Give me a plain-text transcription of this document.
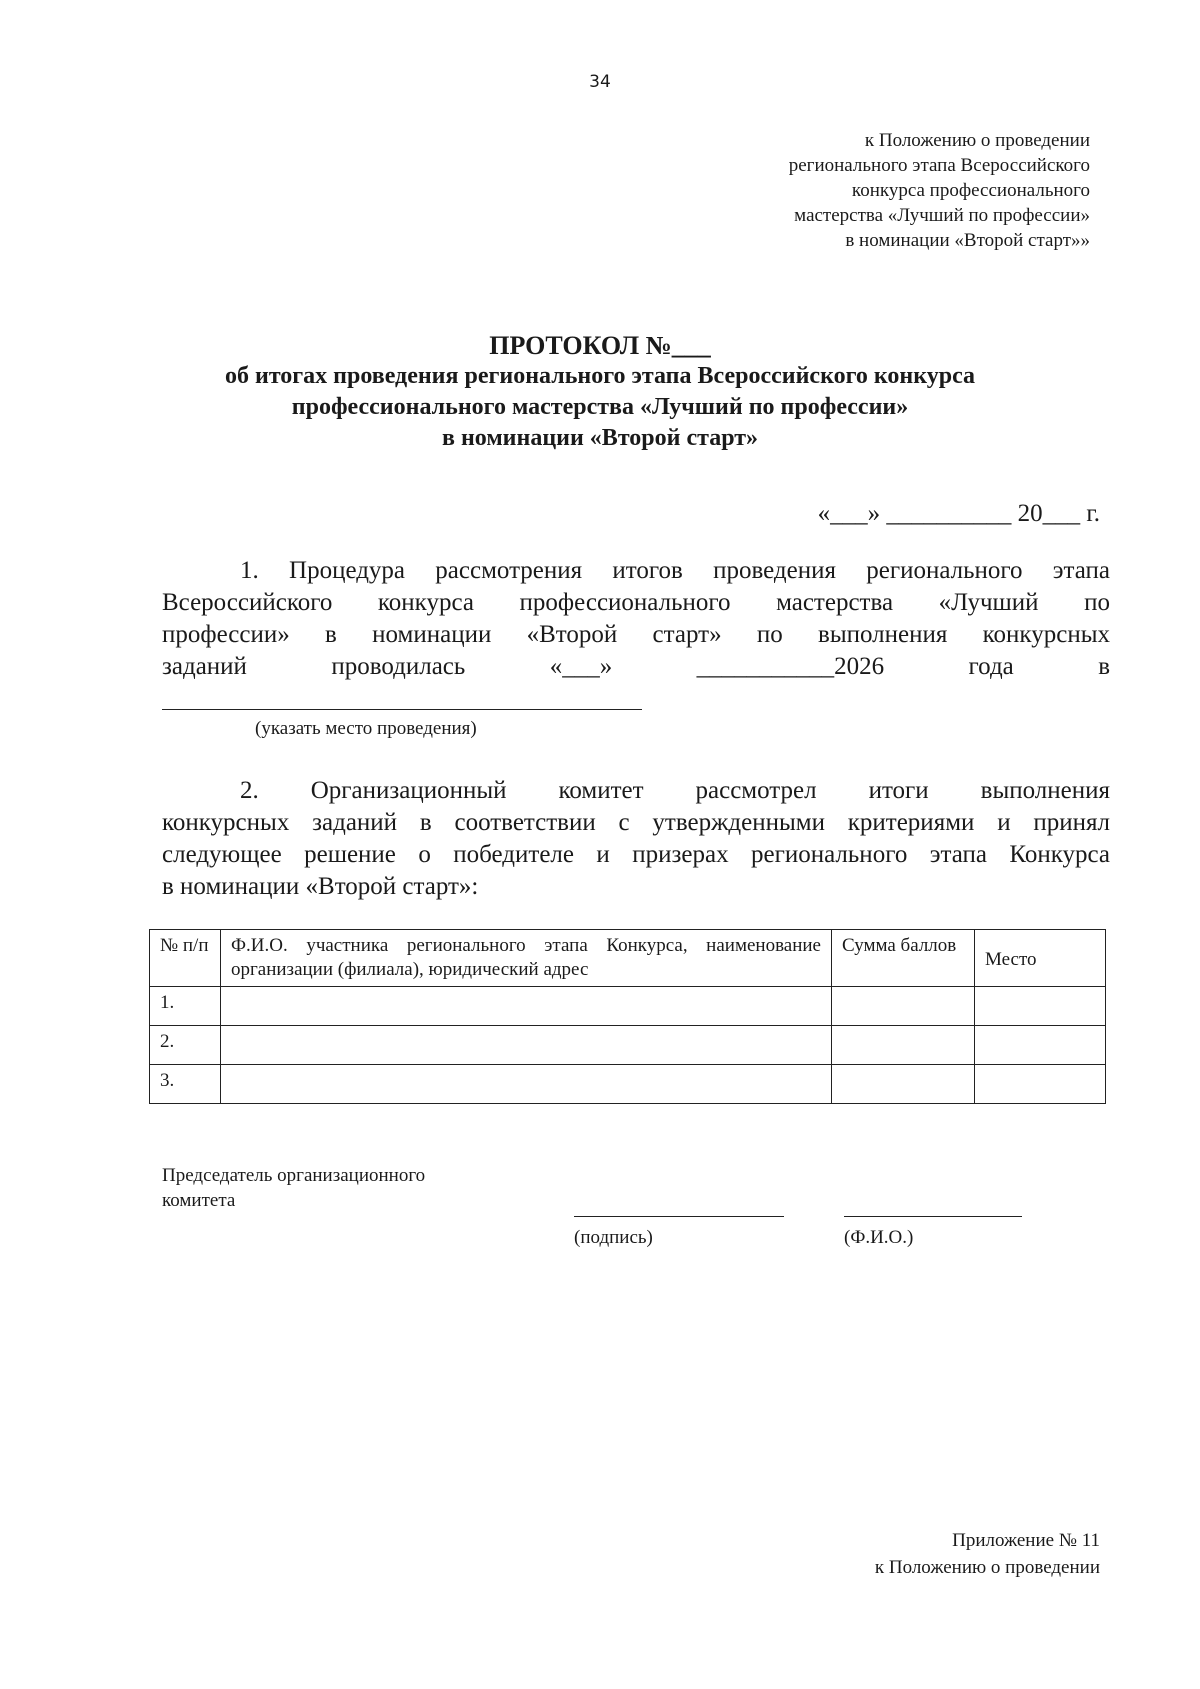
34
к Положению о проведении
регионального этапа Всероссийского
конкурса профессионального
мастерства «Лучший по профессии»
в номинации «Второй старт»»
ПРОТОКОЛ №___
об итогах проведения регионального этапа Всероссийского конкурса
профессионального мастерства «Лучший по профессии»
в номинации «Второй старт»
«___» __________ 20___ г.
1. Процедура рассмотрения итогов проведения регионального этапа
Всероссийского конкурса профессионального мастерства «Лучший по
профессии» в номинации «Второй старт» по выполнения конкурсных
заданий проводилась «___» ___________2026 года в
(указать место проведения)
2. Организационный комитет рассмотрел итоги выполнения
конкурсных заданий в соответствии с утвержденными критериями и принял
следующее решение о победителе и призерах регионального этапа Конкурса
в номинации «Второй старт»:
№ п/п	Ф.И.О. участника регионального этапа Конкурса, наименование организации (филиала), юридический адрес	Сумма баллов	Место
1.			
2.			
3.			
Председатель организационного
комитета
(подпись)	(Ф.И.О.)
Приложение № 11
к Положению о проведении
